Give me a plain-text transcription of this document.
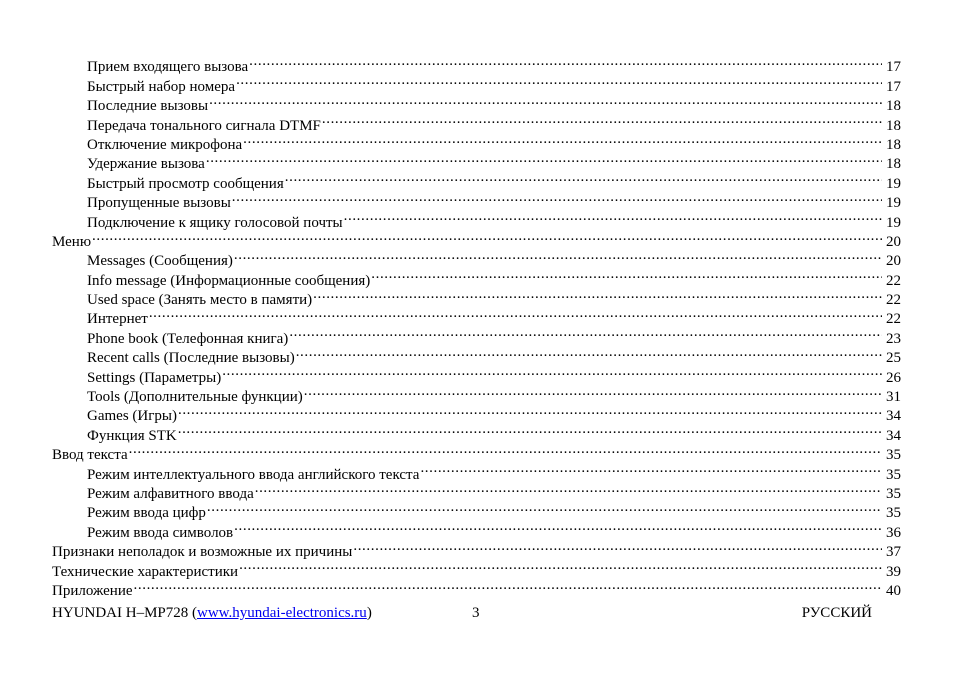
Прием входящего вызова .....	17
Быстрый набор номера .....	17
Последние вызовы .....	18
Передача тонального сигнала DTMF .....	18
Отключение микрофона .....	18
Удержание вызова .....	18
Быстрый просмотр сообщения .....	19
Пропущенные вызовы .....	19
Подключение к ящику голосовой почты .....	19
Меню .....	20
Messages (Сообщения) .....	20
Info message (Информационные сообщения) .....	22
Used space (Занять место в памяти) .....	22
Интернет .....	22
Phone book (Телефонная книга) .....	23
Recent calls (Последние вызовы) .....	25
Settings (Параметры) .....	26
Tools (Дополнительные функции) .....	31
Games (Игры) .....	34
Функция STK .....	34
Ввод текста .....	35
Режим интеллектуального ввода английского текста .....	35
Режим алфавитного ввода .....	35
Режим ввода цифр .....	35
Режим ввода символов .....	36
Признаки неполадок и возможные их причины .....	37
Технические характеристики .....	39
Приложение .....	40
HYUNDAI H–MP728 (www.hyundai-electronics.ru)	3	РУССКИЙ
